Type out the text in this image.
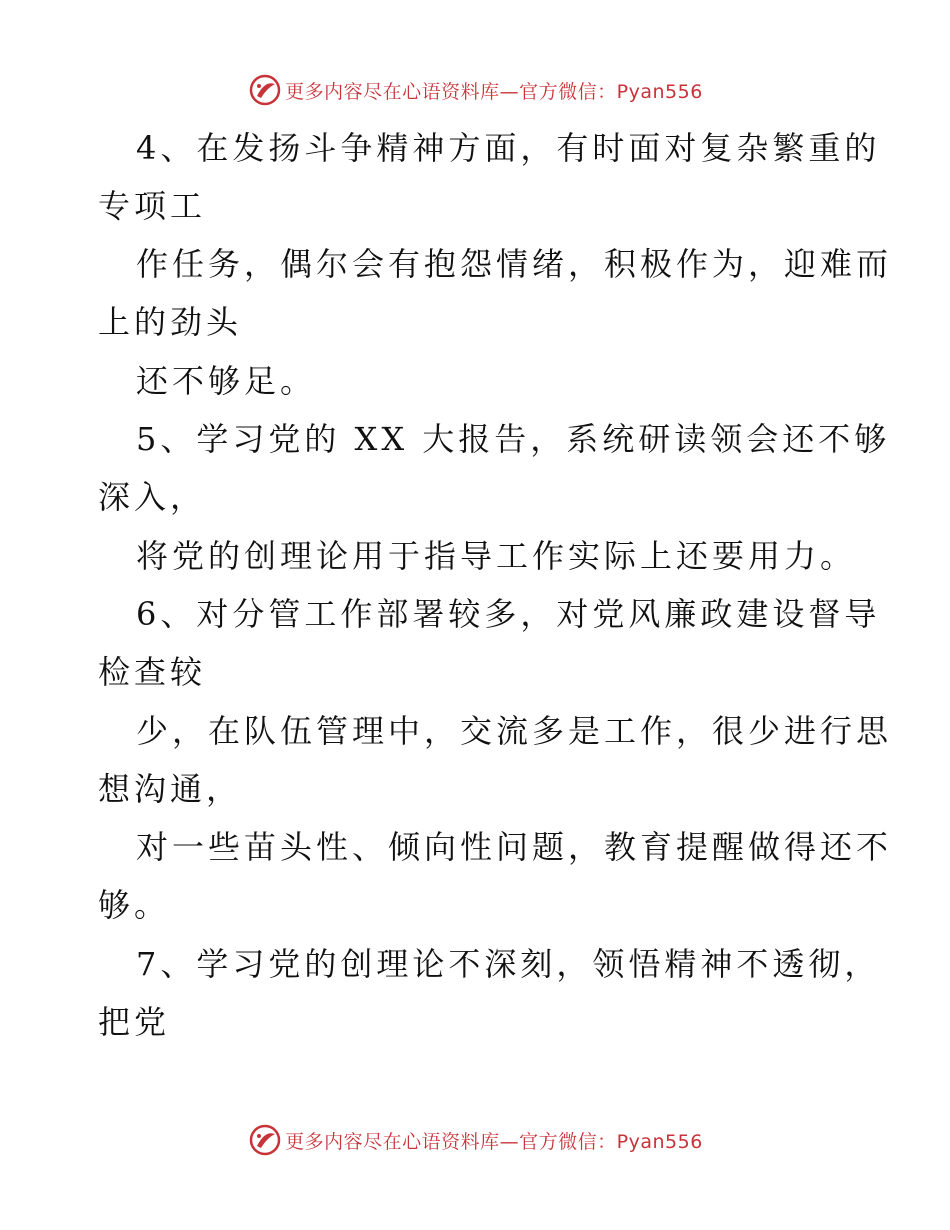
更多内容尽在心语资料库—官方微信：Pyan556
4、在发扬斗争精神方面，有时面对复杂繁重的
专项工
作任务，偶尔会有抱怨情绪，积极作为，迎难而
上的劲头
还不够足。
5、学习党的 XX 大报告，系统研读领会还不够
深入，
将党的创理论用于指导工作实际上还要用力。
6、对分管工作部署较多，对党风廉政建设督导
检查较
少，在队伍管理中，交流多是工作，很少进行思
想沟通，
对一些苗头性、倾向性问题，教育提醒做得还不
够。
7、学习党的创理论不深刻，领悟精神不透彻，
把党
更多内容尽在心语资料库—官方微信：Pyan556
